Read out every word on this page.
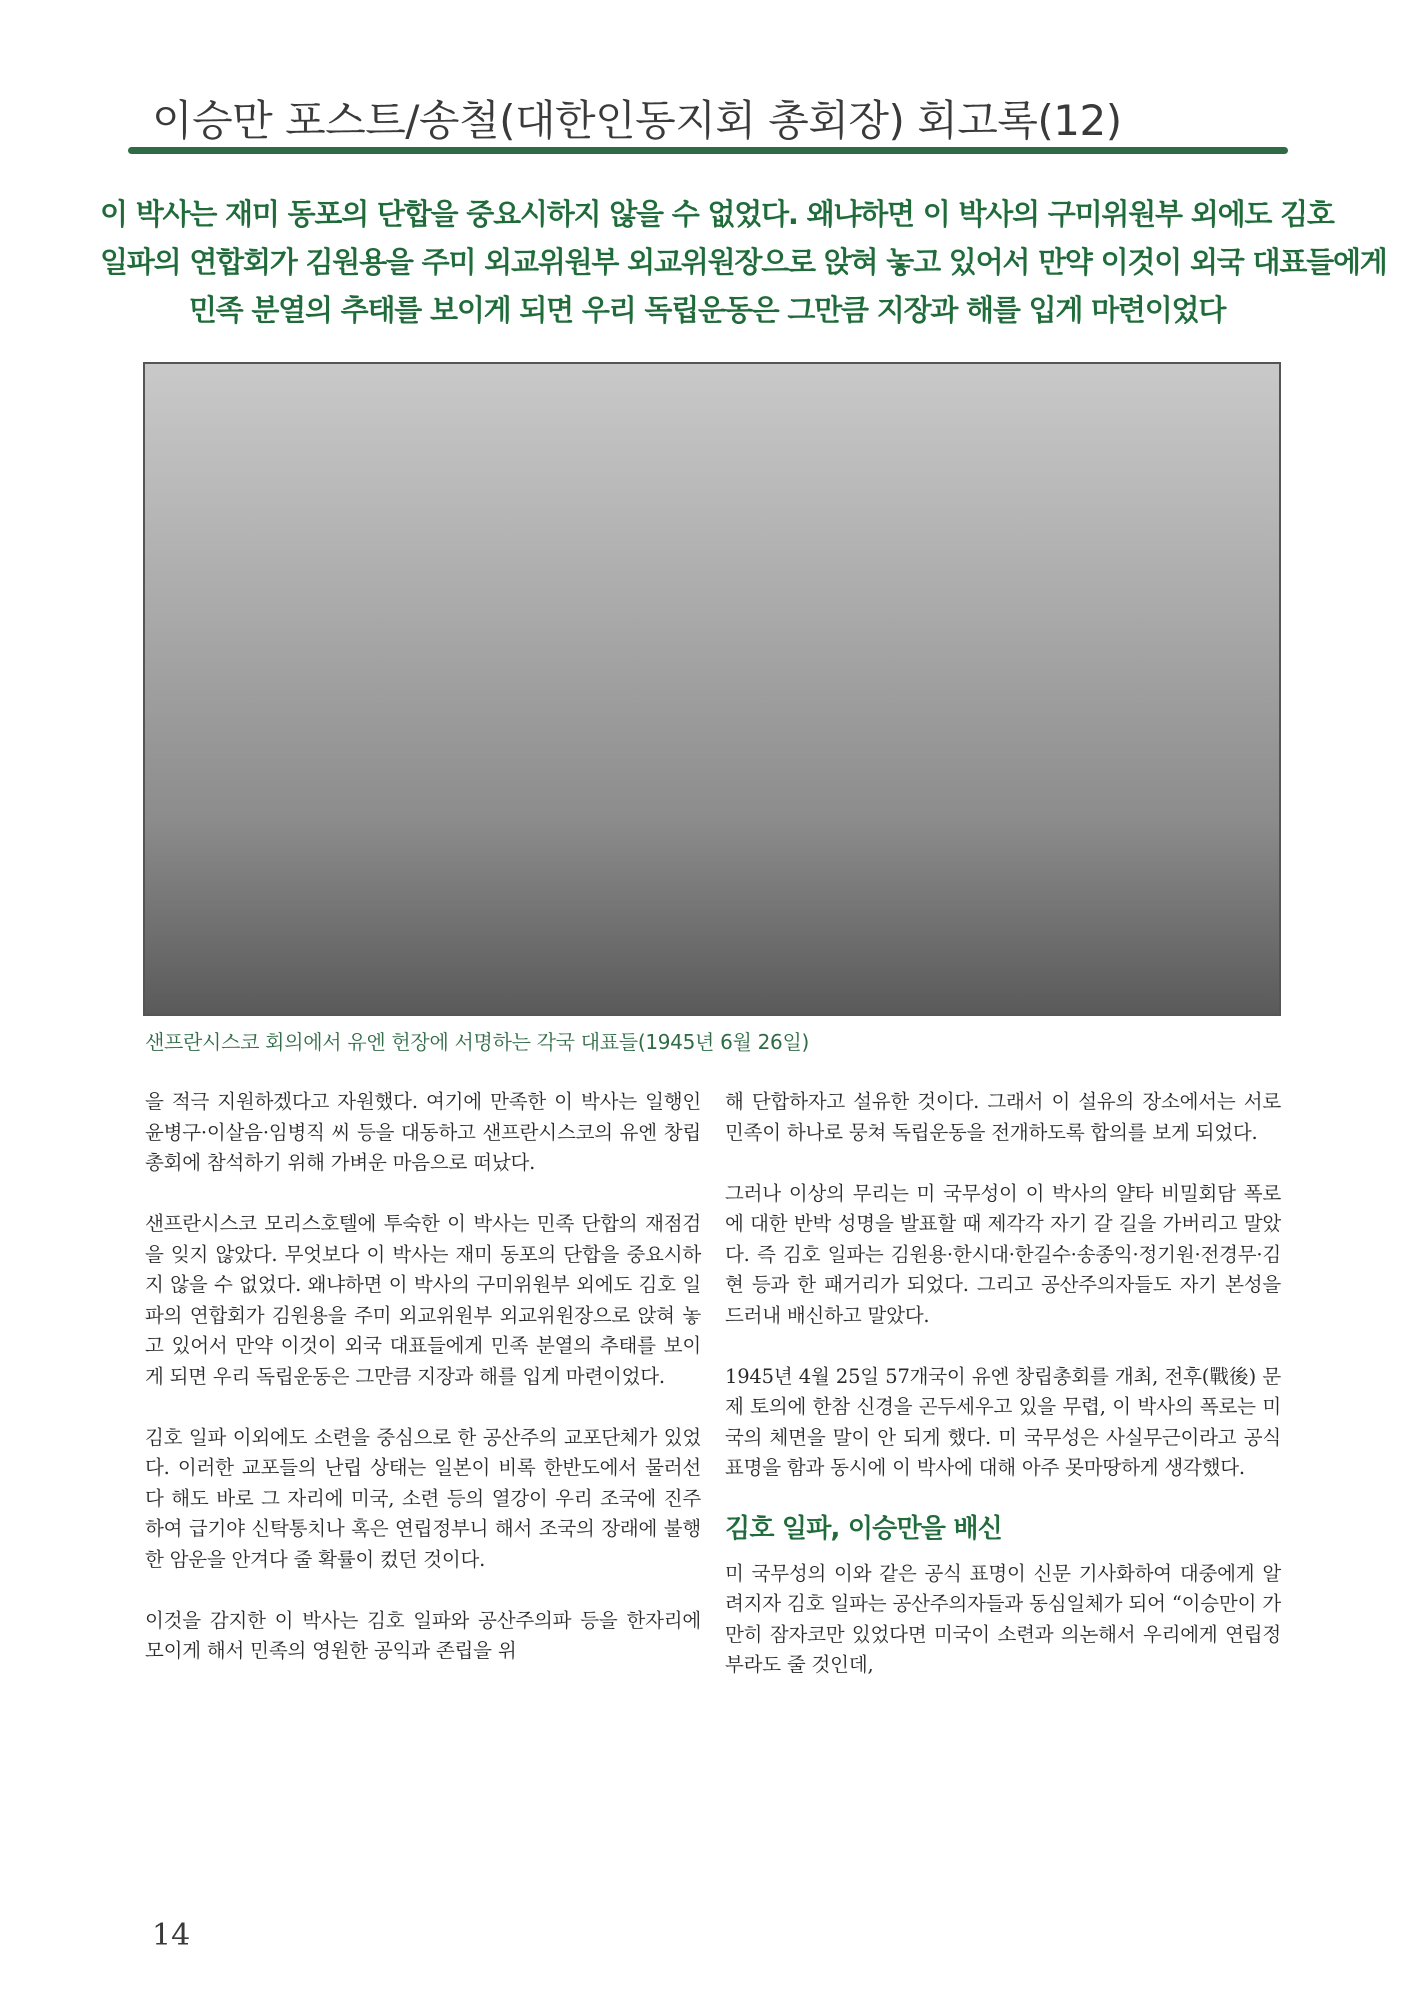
이승만 포스트/송철(대한인동지회 총회장) 회고록(12)
이 박사는 재미 동포의 단합을 중요시하지 않을 수 없었다. 왜냐하면 이 박사의 구미위원부 외에도 김호
일파의 연합회가 김원용을 주미 외교위원부 외교위원장으로 앉혀 놓고 있어서 만약 이것이 외국 대표들에게
민족 분열의 추태를 보이게 되면 우리 독립운동은 그만큼 지장과 해를 입게 마련이었다
샌프란시스코 회의에서 유엔 헌장에 서명하는 각국 대표들(1945년 6월 26일)

을 적극 지원하겠다고 자원했다. 여기에 만족한 이 박사는 일행인 윤병구·이살음·임병직 씨 등을 대동하고 샌프란시스코의 유엔 창립총회에 참석하기 위해 가벼운 마음으로 떠났다.

샌프란시스코 모리스호텔에 투숙한 이 박사는 민족 단합의 재점검을 잊지 않았다. 무엇보다 이 박사는 재미 동포의 단합을 중요시하지 않을 수 없었다. 왜냐하면 이 박사의 구미위원부 외에도 김호 일파의 연합회가 김원용을 주미 외교위원부 외교위원장으로 앉혀 놓고 있어서 만약 이것이 외국 대표들에게 민족 분열의 추태를 보이게 되면 우리 독립운동은 그만큼 지장과 해를 입게 마련이었다.

김호 일파 이외에도 소련을 중심으로 한 공산주의 교포단체가 있었다. 이러한 교포들의 난립 상태는 일본이 비록 한반도에서 물러선다 해도 바로 그 자리에 미국, 소련 등의 열강이 우리 조국에 진주하여 급기야 신탁통치나 혹은 연립정부니 해서 조국의 장래에 불행한 암운을 안겨다 줄 확률이 컸던 것이다.

이것을 감지한 이 박사는 김호 일파와 공산주의파 등을 한자리에 모이게 해서 민족의 영원한 공익과 존립을 위

해 단합하자고 설유한 것이다. 그래서 이 설유의 장소에서는 서로 민족이 하나로 뭉쳐 독립운동을 전개하도록 합의를 보게 되었다.

그러나 이상의 무리는 미 국무성이 이 박사의 얄타 비밀회담 폭로에 대한 반박 성명을 발표할 때 제각각 자기 갈 길을 가버리고 말았다. 즉 김호 일파는 김원용·한시대·한길수·송종익·정기원·전경무·김현 등과 한 패거리가 되었다. 그리고 공산주의자들도 자기 본성을 드러내 배신하고 말았다.

1945년 4월 25일 57개국이 유엔 창립총회를 개최, 전후(戰後) 문제 토의에 한참 신경을 곤두세우고 있을 무렵, 이 박사의 폭로는 미국의 체면을 말이 안 되게 했다. 미 국무성은 사실무근이라고 공식 표명을 함과 동시에 이 박사에 대해 아주 못마땅하게 생각했다.

김호 일파, 이승만을 배신

미 국무성의 이와 같은 공식 표명이 신문 기사화하여 대중에게 알려지자 김호 일파는 공산주의자들과 동심일체가 되어 “이승만이 가만히 잠자코만 있었다면 미국이 소련과 의논해서 우리에게 연립정부라도 줄 것인데,

14
